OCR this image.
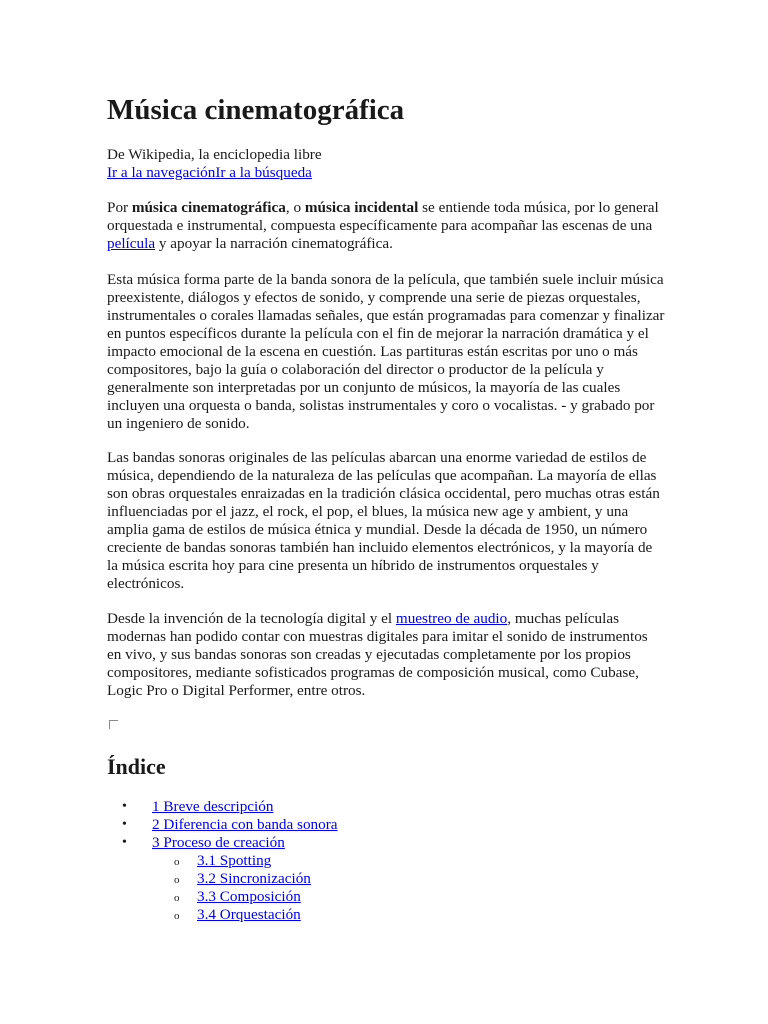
Música cinematográfica
De Wikipedia, la enciclopedia libre
Ir a la navegaciónIr a la búsqueda

Por música cinematográfica, o música incidental se entiende toda música, por lo general orquestada e instrumental, compuesta específicamente para acompañar las escenas de una película y apoyar la narración cinematográfica.

Esta música forma parte de la banda sonora de la película, que también suele incluir música preexistente, diálogos y efectos de sonido, y comprende una serie de piezas orquestales, instrumentales o corales llamadas señales, que están programadas para comenzar y finalizar en puntos específicos durante la película con el fin de mejorar la narración dramática y el impacto emocional de la escena en cuestión. Las partituras están escritas por uno o más compositores, bajo la guía o colaboración del director o productor de la película y generalmente son interpretadas por un conjunto de músicos, la mayoría de las cuales incluyen una orquesta o banda, solistas instrumentales y coro o vocalistas. - y grabado por un ingeniero de sonido.

Las bandas sonoras originales de las películas abarcan una enorme variedad de estilos de música, dependiendo de la naturaleza de las películas que acompañan. La mayoría de ellas son obras orquestales enraizadas en la tradición clásica occidental, pero muchas otras están influenciadas por el jazz, el rock, el pop, el blues, la música new age y ambient, y una amplia gama de estilos de música étnica y mundial. Desde la década de 1950, un número creciente de bandas sonoras también han incluido elementos electrónicos, y la mayoría de la música escrita hoy para cine presenta un híbrido de instrumentos orquestales y electrónicos.

Desde la invención de la tecnología digital y el muestreo de audio, muchas películas modernas han podido contar con muestras digitales para imitar el sonido de instrumentos en vivo, y sus bandas sonoras son creadas y ejecutadas completamente por los propios compositores, mediante sofisticados programas de composición musical, como Cubase, Logic Pro o Digital Performer, entre otros.

Índice
• 1 Breve descripción
• 2 Diferencia con banda sonora
• 3 Proceso de creación
o 3.1 Spotting
o 3.2 Sincronización
o 3.3 Composición
o 3.4 Orquestación
